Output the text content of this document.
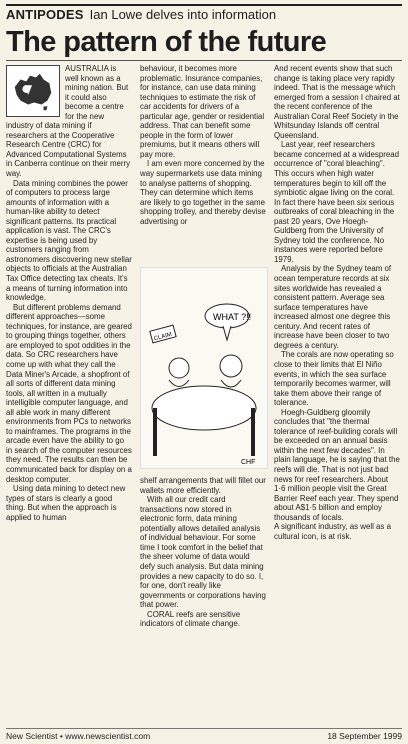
ANTIPODES Ian Lowe delves into information
The pattern of the future

AUSTRALIA is well known as a mining nation. But it could also become a centre for the new industry of data mining if researchers at the Cooperative Research Centre (CRC) for Advanced Computational Systems in Canberra continue on their merry way.

Data mining combines the power of computers to process large amounts of information with a human-like ability to detect significant patterns. Its practical application is vast. The CRC's expertise is being used by customers ranging from astronomers discovering new stellar objects to officials at the Australian Tax Office detecting tax cheats. It's a means of turning information into knowledge.

But different problems demand different approaches—some techniques, for instance, are geared to grouping things together, others are employed to spot oddities in the data. So CRC researchers have come up with what they call the Data Miner's Arcade, a shopfront of all sorts of different data mining tools, all written in a mutually intelligible computer language, and all able work in many different environments from PCs to networks to mainframes. The programs in the arcade even have the ability to go in search of the computer resources they need. The results can then be communicated back for display on a desktop computer.

Using data mining to detect new types of stars is clearly a good thing. But when the approach is applied to human

behaviour, it becomes more problematic. Insurance companies, for instance, can use data mining techniques to estimate the risk of car accidents for drivers of a particular age, gender or residential address. That can benefit some people in the form of lower premiums, but it means others will pay more.

I am even more concerned by the way supermarkets use data mining to analyse patterns of shopping. They can determine which items are likely to go together in the same shopping trolley, and thereby devise advertising or

And recent events show that such change is taking place very rapidly indeed. That is the message which emerged from a session I chaired at the recent conference of the Australian Coral Reef Society in the Whitsunday Islands off central Queensland.

Last year, reef researchers became concerned at a widespread occurrence of "coral bleaching". This occurs when high water temperatures begin to kill off the symbiotic algae living on the coral. In fact there have been six serious outbreaks of coral bleaching in the past 20 years, Ove Hoegh-Guldberg from the University of Sydney told the conference. No instances were reported before 1979.

WHAT ?!!
CLAIM
CHF

shelf arrangements that will fillet our wallets more efficiently.

With all our credit card transactions now stored in electronic form, data mining potentially allows detailed analysis of individual behaviour. For some time I took comfort in the belief that the sheer volume of data would defy such analysis. But data mining provides a new capacity to do so. I, for one, don't really like governments or corporations having that power.

CORAL reefs are sensitive indicators of climate change.

Analysis by the Sydney team of ocean temperature records at six sites worldwide has revealed a consistent pattern. Average sea surface temperatures have increased almost one degree this century. And recent rates of increase have been closer to two degrees a century.

The corals are now operating so close to their limits that El Niño events, in which the sea surface temporarily becomes warmer, will take them above their range of tolerance.

Hoegh-Guldberg gloomily concludes that "the thermal tolerance of reef-building corals will be exceeded on an annual basis within the next few decades". In plain language, he is saying that the reefs will die. That is not just bad news for reef researchers. About 1·6 million people visit the Great Barrier Reef each year. They spend about A$1·5 billion and employ thousands of locals.

A significant industry, as well as a cultural icon, is at risk.

New Scientist • www.newscientist.com	18 September 1999
